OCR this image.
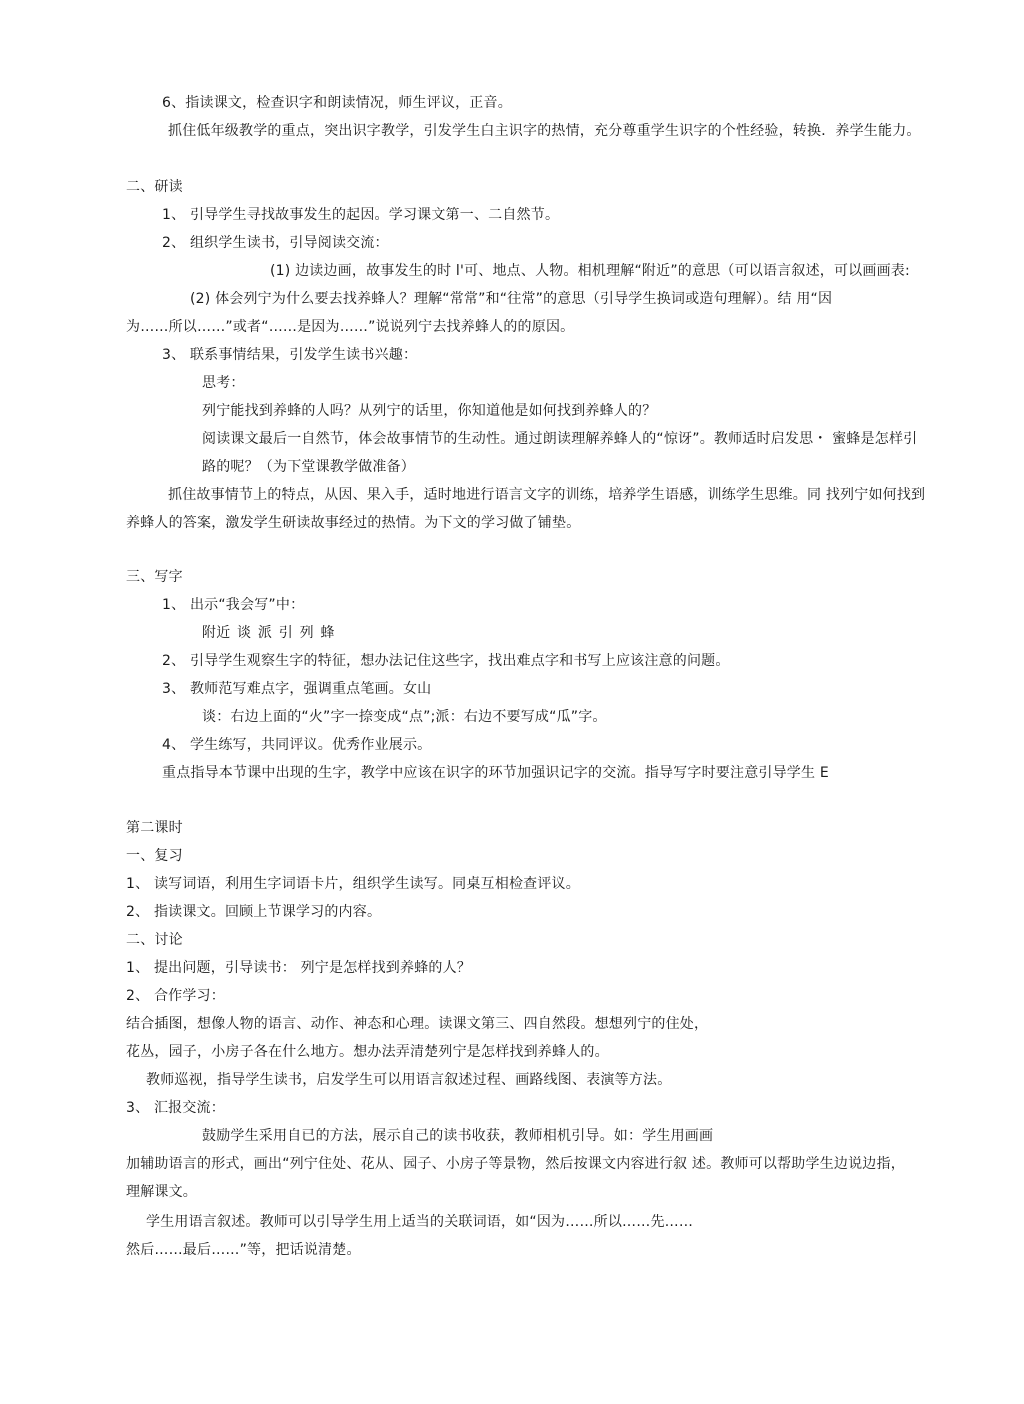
6、指读课文，检查识字和朗读情况，师生评议，正音。
抓住低年级教学的重点，突出识字教学，引发学生白主识字的热情，充分尊重学生识字的个性经验，转换．养学生能力。
二、研读
1、 引导学生寻找故事发生的起因。学习课文第一、二自然节。
2、 组织学生读书，引导阅读交流：
(1) 边读边画，故事发生的时 l'可、地点、人物。相机理解“附近”的意思（可以语言叙述，可以画画表:
(2) 体会列宁为什么要去找养蜂人？理解“常常”和“往常”的意思（引导学生换词或造句理解）。结 用“因
为……所以……”或者“……是因为……”说说列宁去找养蜂人的的原因。
3、 联系事情结果，引发学生读书兴趣：
思考：
列宁能找到养蜂的人吗？从列宁的话里，你知道他是如何找到养蜂人的？
阅读课文最后一自然节，体会故事情节的生动性。通过朗读理解养蜂人的“惊讶”。教师适时启发思・ 蜜蜂是怎样引
路的呢？（为下堂课教学做准备）
抓住故事情节上的特点，从因、果入手，适时地进行语言文字的训练，培养学生语感，训练学生思维。同 找列宁如何找到
养蜂人的答案，激发学生研读故事经过的热情。为下文的学习做了铺垫。
三、写字
1、 出示“我会写”中：
附近 谈 派 引 列 蜂
2、 引导学生观察生字的特征，想办法记住这些字，找出难点字和书写上应该注意的问题。
3、 教师范写难点字，强调重点笔画。女山
谈：右边上面的“火”字一捺变成“点”;派：右边不要写成“瓜”字。
4、 学生练写，共同评议。优秀作业展示。
重点指导本节课中出现的生字，教学中应该在识字的环节加强识记字的交流。指导写字时要注意引导学生 E
第二课时
一、复习
1、 读写词语，利用生字词语卡片，组织学生读写。同桌互相检查评议。
2、 指读课文。回顾上节课学习的内容。
二、讨论
1、 提出问题，引导读书： 列宁是怎样找到养蜂的人？
2、 合作学习：
结合插图，想像人物的语言、动作、神态和心理。读课文第三、四自然段。想想列宁的住处，
花丛，园子，小房子各在什么地方。想办法弄清楚列宁是怎样找到养蜂人的。
教师巡视，指导学生读书，启发学生可以用语言叙述过程、画路线图、表演等方法。
3、 汇报交流：
鼓励学生采用自已的方法，展示自己的读书收获，教师相机引导。如：学生用画画
加辅助语言的形式，画出“列宁住处、花从、园子、小房子等景物，然后按课文内容进行叙 述。教师可以帮助学生边说边指，
理解课文。
学生用语言叙述。教师可以引导学生用上适当的关联词语，如“因为……所以……先……
然后……最后……”等，把话说清楚。
